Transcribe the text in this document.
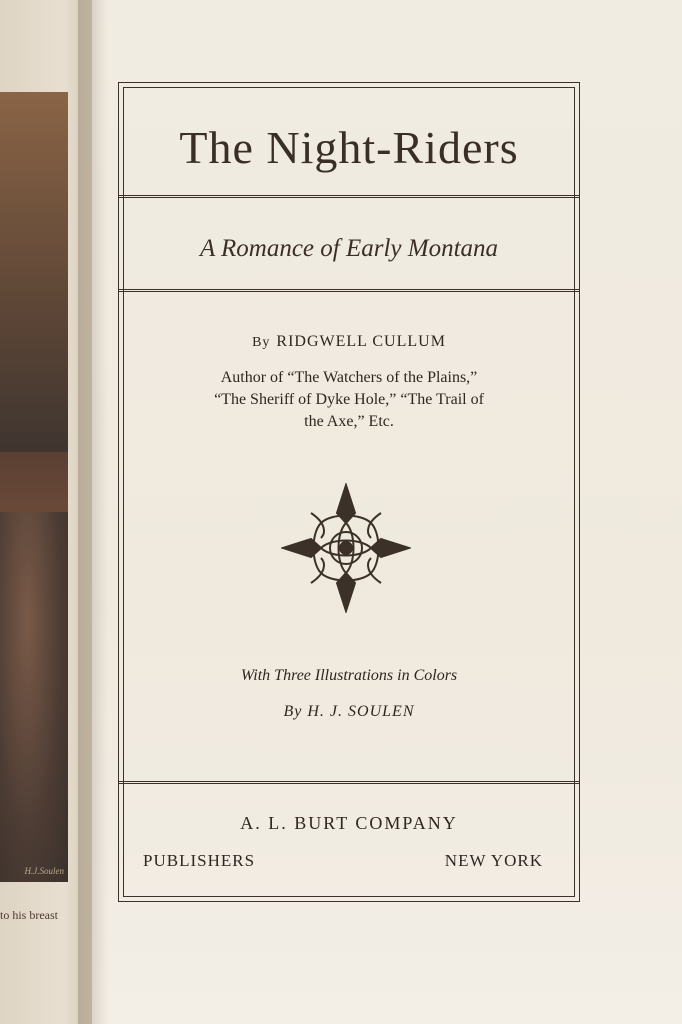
H.J.Soulen
to his breast
The Night-Riders
A Romance of Early Montana
By RIDGWELL CULLUM
Author of “The Watchers of the Plains,”
“The Sheriff of Dyke Hole,” “The Trail of
the Axe,” Etc.
With Three Illustrations in Colors
By H. J. SOULEN
A. L. BURT COMPANY
PUBLISHERS	NEW YORK
